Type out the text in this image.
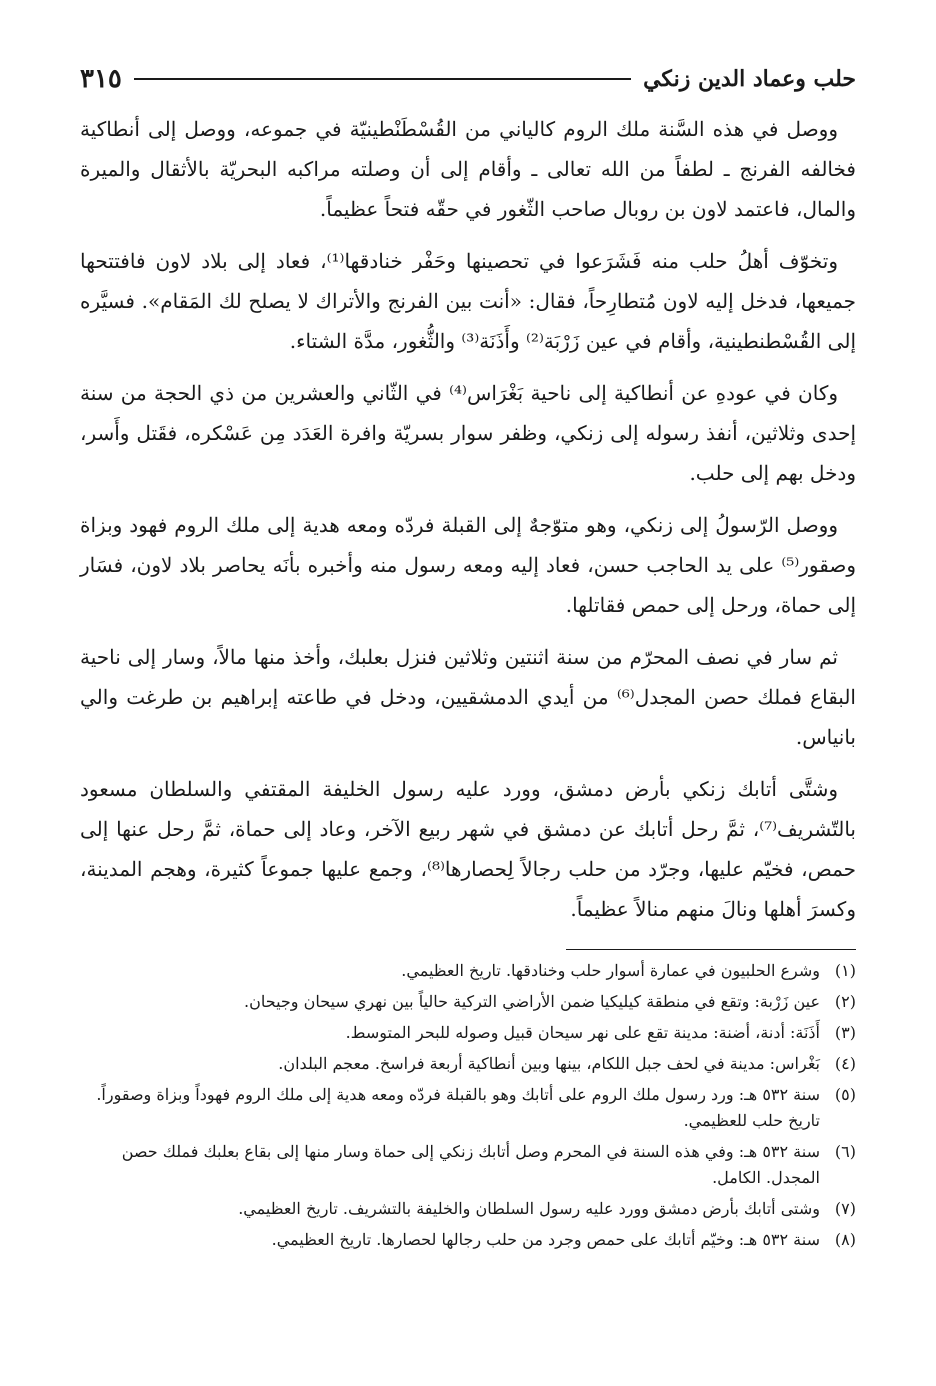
حلب وعماد الدين زنكي
٣١٥

ووصل في هذه السَّنة ملك الروم كالياني من القُسْطَنْطينيّة في جموعه، ووصل إلى أنطاكية فخالفه الفرنج ـ لطفاً من الله تعالى ـ وأقام إلى أن وصلته مراكبه البحريّة بالأثقال والميرة والمال، فاعتمد لاون بن روبال صاحب الثّغور في حقّه فتحاً عظيماً.

وتخوّف أهلُ حلب منه فَشَرَعوا في تحصينها وحَفْر خنادقها⁽¹⁾، فعاد إلى بلاد لاون فافتتحها جميعها، فدخل إليه لاون مُتطارِحاً، فقال: «أنت بين الفرنج والأتراك لا يصلح لك المَقام». فسيَّره إلى القُسْطنطينية، وأقام في عين زَرْبَة⁽²⁾ وأَذَنَة⁽³⁾ والثُّغور، مدَّة الشتاء.

وكان في عودهِ عن أنطاكية إلى ناحية بَغْرَاس⁽⁴⁾ في الثّاني والعشرين من ذي الحجة من سنة إحدى وثلاثين، أنفذ رسوله إلى زنكي، وظفر سوار بسريّة وافرة العَدَد مِن عَسْكره، فقَتل وأَسر، ودخل بهم إلى حلب.

ووصل الرّسولُ إلى زنكي، وهو متوّجهٌ إلى القبلة فردّه ومعه هدية إلى ملك الروم فهود وبزاة وصقور⁽⁵⁾ على يد الحاجب حسن، فعاد إليه ومعه رسول منه وأخبره بأنَه يحاصر بلاد لاون، فسَار إلى حماة، ورحل إلى حمص فقاتلها.

ثم سار في نصف المحرّم من سنة اثنتين وثلاثين فنزل بعلبك، وأخذ منها مالاً، وسار إلى ناحية البقاع فملك حصن المجدل⁽⁶⁾ من أيدي الدمشقيين، ودخل في طاعته إبراهيم بن طرغت والي بانياس.

وشتَّى أتابك زنكي بأرض دمشق، وورد عليه رسول الخليفة المقتفي والسلطان مسعود بالتّشريف⁽⁷⁾، ثمَّ رحل أتابك عن دمشق في شهر ربيع الآخر، وعاد إلى حماة، ثمَّ رحل عنها إلى حمص، فخيّم عليها، وجرّد من حلب رجالاً لِحصارها⁽⁸⁾، وجمع عليها جموعاً كثيرة، وهجم المدينة، وكسرَ أهلها ونالَ منهم منالاً عظيماً.

(١)
وشرع الحلبيون في عمارة أسوار حلب وخنادقها. تاريخ العظيمي.
(٢)
عين زَرْبة: وتقع في منطقة كيليكيا ضمن الأراضي التركية حالياً بين نهري سيحان وجيحان.
(٣)
أَذَنَة: أدنة، أضنة: مدينة تقع على نهر سيحان قبيل وصوله للبحر المتوسط.
(٤)
بَغْراس: مدينة في لحف جبل اللكام، بينها وبين أنطاكية أربعة فراسخ. معجم البلدان.
(٥)
سنة ٥٣٢ هـ: ورد رسول ملك الروم على أتابك وهو بالقبلة فردّه ومعه هدية إلى ملك الروم فهوداً وبزاة وصقوراً. تاريخ حلب للعظيمي.
(٦)
سنة ٥٣٢ هـ: وفي هذه السنة في المحرم وصل أتابك زنكي إلى حماة وسار منها إلى بقاع بعلبك فملك حصن المجدل. الكامل.
(٧)
وشتى أتابك بأرض دمشق وورد عليه رسول السلطان والخليفة بالتشريف. تاريخ العظيمي.
(٨)
سنة ٥٣٢ هـ: وخيّم أتابك على حمص وجرد من حلب رجالها لحصارها. تاريخ العظيمي.
